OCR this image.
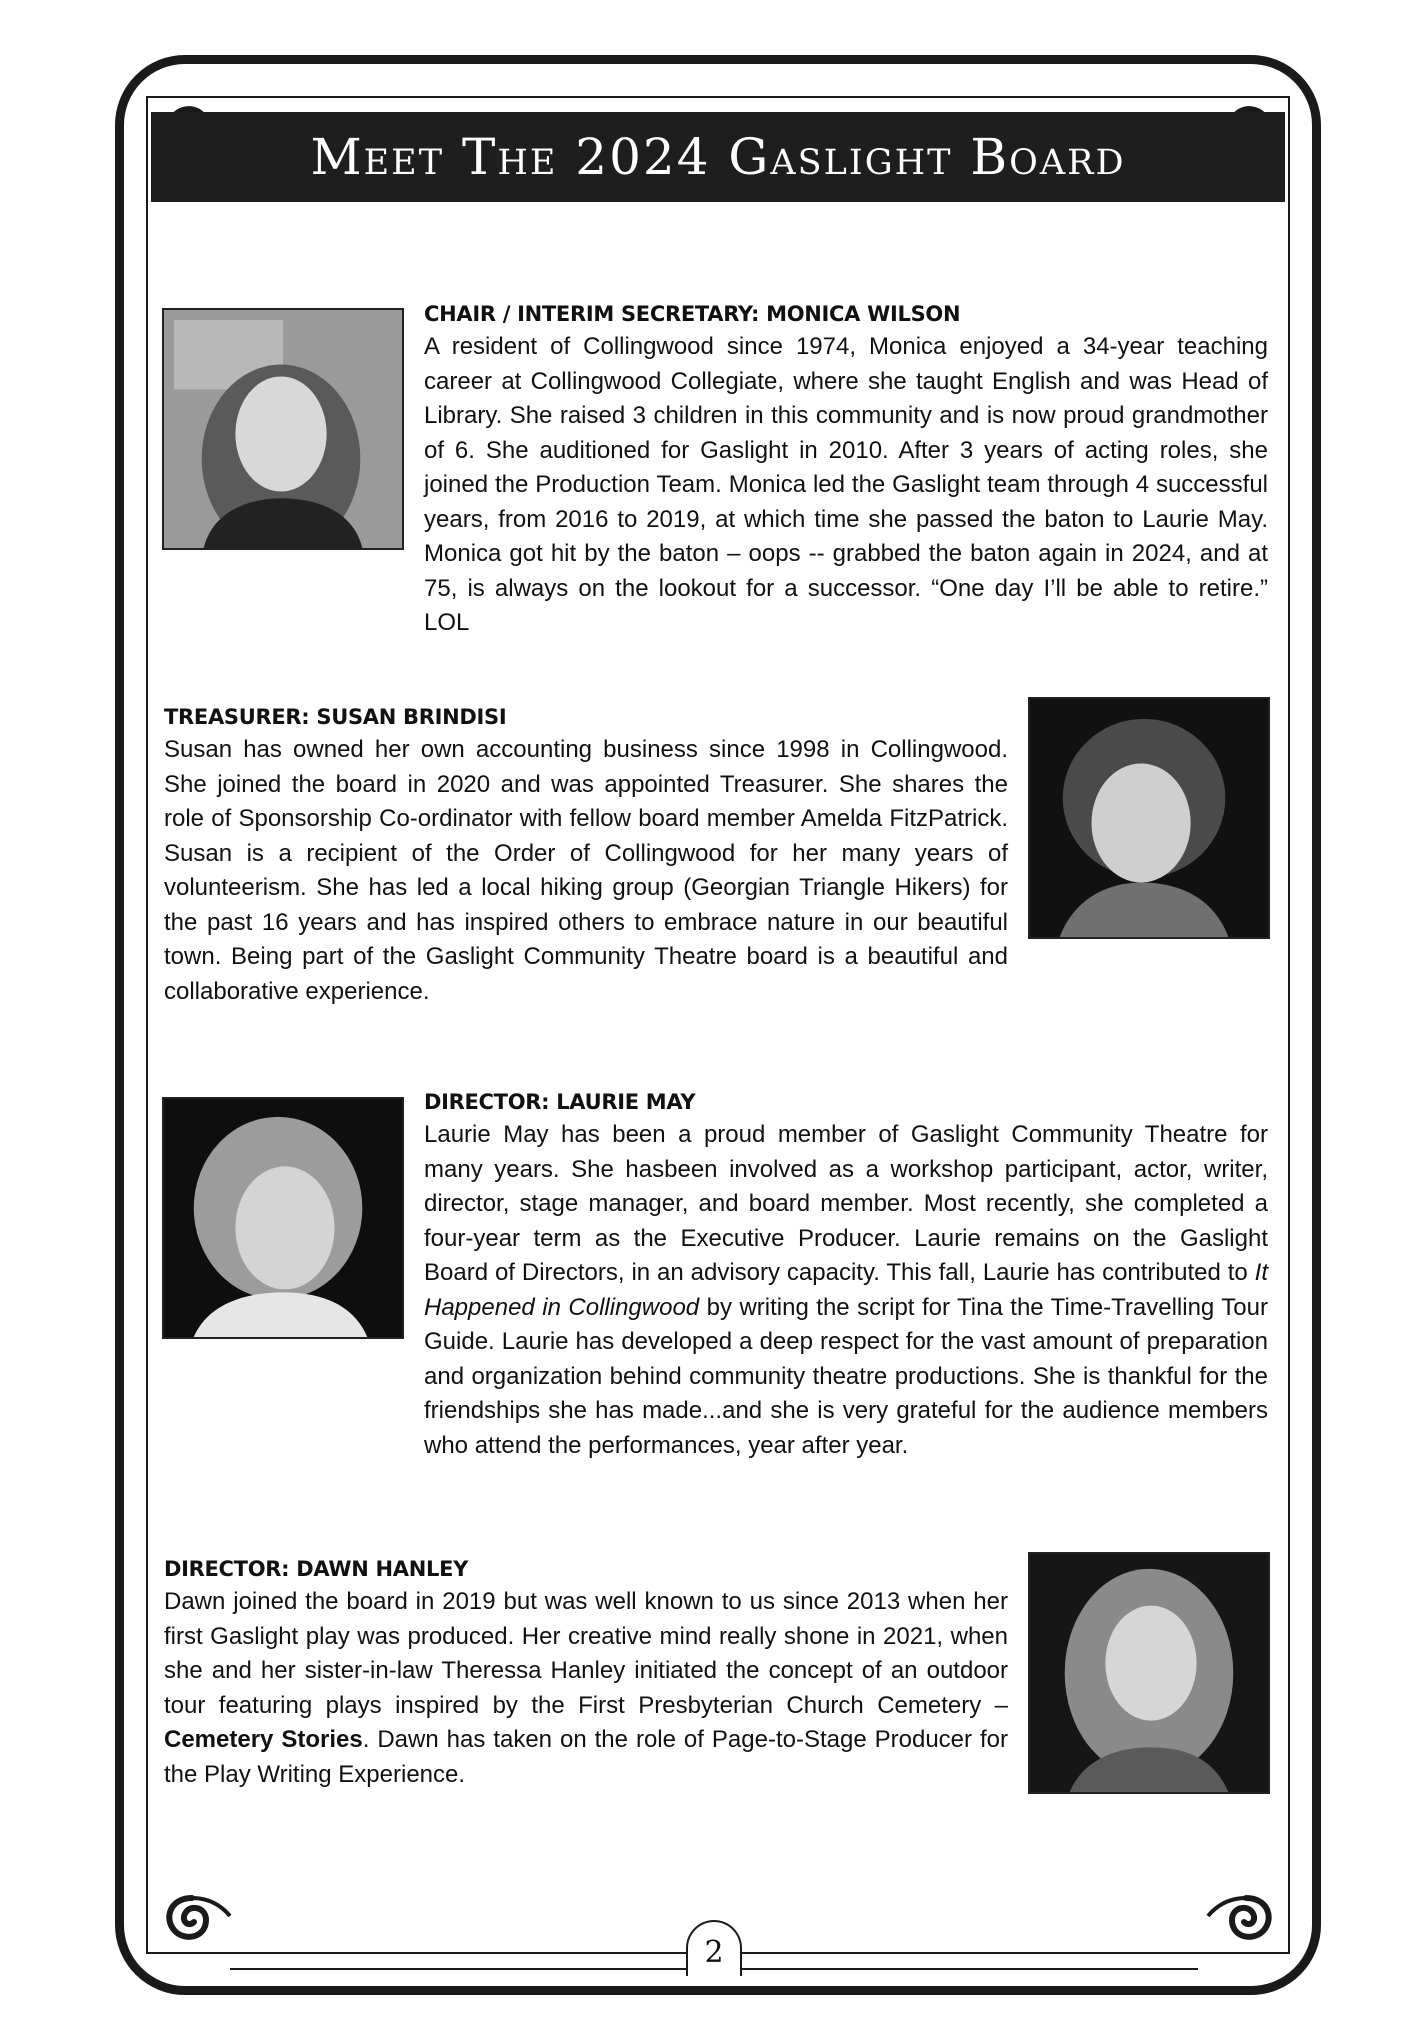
Meet The 2024 Gaslight Board

CHAIR / INTERIM SECRETARY: MONICA WILSON

A resident of Collingwood since 1974, Monica enjoyed a 34-year teaching career at Collingwood Collegiate, where she taught English and was Head of Library. She raised 3 children in this community and is now proud grandmother of 6. She auditioned for Gaslight in 2010. After 3 years of acting roles, she joined the Production Team. Monica led the Gaslight team through 4 successful years, from 2016 to 2019, at which time she passed the baton to Laurie May. Monica got hit by the baton – oops -- grabbed the baton again in 2024, and at 75, is always on the lookout for a successor. “One day I’ll be able to retire.” LOL

TREASURER: SUSAN BRINDISI

Susan has owned her own accounting business since 1998 in Collingwood. She joined the board in 2020 and was appointed Treasurer. She shares the role of Sponsorship Co-ordinator with fellow board member Amelda FitzPatrick. Susan is a recipient of the Order of Collingwood for her many years of volunteerism. She has led a local hiking group (Georgian Triangle Hikers) for the past 16 years and has inspired others to embrace nature in our beautiful town. Being part of the Gaslight Community Theatre board is a beautiful and collaborative experience.

DIRECTOR: LAURIE MAY

Laurie May has been a proud member of Gaslight Community Theatre for many years. She hasbeen involved as a workshop participant, actor, writer, director, stage manager, and board member. Most recently, she completed a four-year term as the Executive Producer. Laurie remains on the Gaslight Board of Directors, in an advisory capacity. This fall, Laurie has contributed to It Happened in Collingwood by writing the script for Tina the Time-Travelling Tour Guide. Laurie has developed a deep respect for the vast amount of preparation and organization behind community theatre productions. She is thankful for the friendships she has made...and she is very grateful for the audience members who attend the performances, year after year.

DIRECTOR: DAWN HANLEY

Dawn joined the board in 2019 but was well known to us since 2013 when her first Gaslight play was produced. Her creative mind really shone in 2021, when she and her sister-in-law Theressa Hanley initiated the concept of an outdoor tour featuring plays inspired by the First Presbyterian Church Cemetery – Cemetery Stories. Dawn has taken on the role of Page-to-Stage Producer for the Play Writing Experience.

2
